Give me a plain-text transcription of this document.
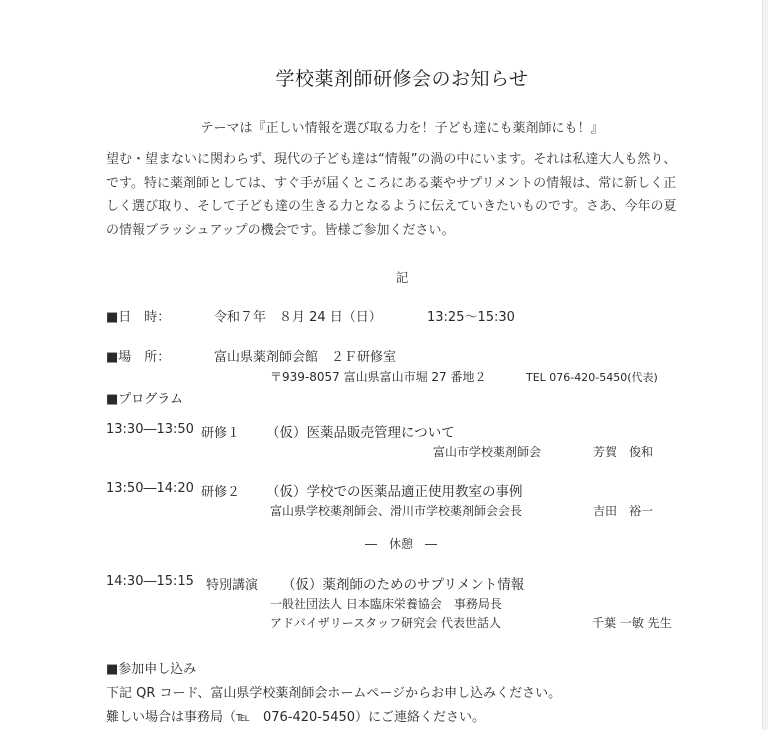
学校薬剤師研修会のお知らせ
テーマは『正しい情報を選び取る力を！子ども達にも薬剤師にも！』

望む・望まないに関わらず、現代の子ども達は“情報”の渦の中にいます。それは私達大人も然り、

です。特に薬剤師としては、すぐ手が届くところにある薬やサプリメントの情報は、常に新しく正

しく選び取り、そして子ども達の生きる力となるように伝えていきたいものです。さあ、今年の夏

の情報ブラッシュアップの機会です。皆様ご参加ください。

記
■日　時：	令和７年　８月 24 日（日）	13:25～15:30
■場　所：	富山県薬剤師会館　２Ｆ研修室
〒939-8057 富山県富山市堀 27 番地２	TEL 076-420-5450(代表)
■プログラム
13:30―13:50 研修１ （仮）医薬品販売管理について
富山市学校薬剤師会	芳賀　俊和
13:50―14:20 研修２ （仮）学校での医薬品適正使用教室の事例
富山県学校薬剤師会、滑川市学校薬剤師会会長	吉田　裕一
―　休憩　―
14:30―15:15 特別講演 （仮）薬剤師のためのサプリメント情報
一般社団法人 日本臨床栄養協会　事務局長
アドバイザリースタッフ研究会 代表世話人	千葉 一敏 先生
■参加申し込み
下記 QR コード、富山県学校薬剤師会ホームページからお申し込みください。
難しい場合は事務局（℡　076-420-5450）にご連絡ください。
